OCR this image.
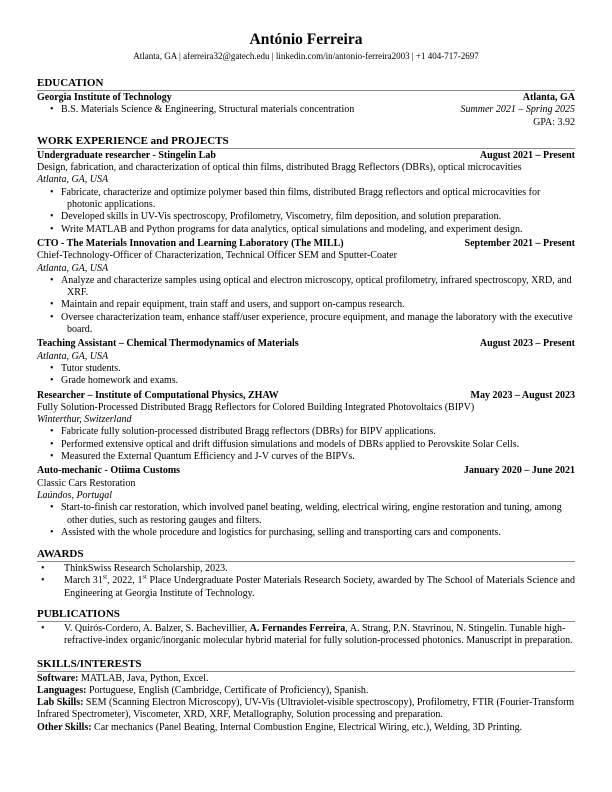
António Ferreira
Atlanta, GA | aferreira32@gatech.edu | linkedin.com/in/antonio-ferreira2003 | +1 404-717-2697
EDUCATION
Georgia Institute of Technology	Atlanta, GA
• B.S. Materials Science & Engineering, Structural materials concentration	Summer 2021 – Spring 2025
GPA: 3.92
WORK EXPERIENCE and PROJECTS
Undergraduate researcher - Stingelin Lab	August 2021 – Present
Design, fabrication, and characterization of optical thin films, distributed Bragg Reflectors (DBRs), optical microcavities
Atlanta, GA, USA
• Fabricate, characterize and optimize polymer based thin films, distributed Bragg reflectors and optical microcavities for photonic applications.
• Developed skills in UV-Vis spectroscopy, Profilometry, Viscometry, film deposition, and solution preparation.
• Write MATLAB and Python programs for data analytics, optical simulations and modeling, and experiment design.
CTO - The Materials Innovation and Learning Laboratory (The MILL)	September 2021 – Present
Chief-Technology-Officer of Characterization, Technical Officer SEM and Sputter-Coater
Atlanta, GA, USA
• Analyze and characterize samples using optical and electron microscopy, optical profilometry, infrared spectroscopy, XRD, and XRF.
• Maintain and repair equipment, train staff and users, and support on-campus research.
• Oversee characterization team, enhance staff/user experience, procure equipment, and manage the laboratory with the executive board.
Teaching Assistant – Chemical Thermodynamics of Materials	August 2023 – Present
Atlanta, GA, USA
• Tutor students.
• Grade homework and exams.
Researcher – Institute of Computational Physics, ZHAW	May 2023 – August 2023
Fully Solution-Processed Distributed Bragg Reflectors for Colored Building Integrated Photovoltaics (BIPV)
Winterthur, Switzerland
• Fabricate fully solution-processed distributed Bragg reflectors (DBRs) for BIPV applications.
• Performed extensive optical and drift diffusion simulations and models of DBRs applied to Perovskite Solar Cells.
• Measured the External Quantum Efficiency and J-V curves of the BIPVs.
Auto-mechanic - Otiima Customs	January 2020 – June 2021
Classic Cars Restoration
Laúndos, Portugal
• Start-to-finish car restoration, which involved panel beating, welding, electrical wiring, engine restoration and tuning, among other duties, such as restoring gauges and filters.
• Assisted with the whole procedure and logistics for purchasing, selling and transporting cars and components.
AWARDS
• ThinkSwiss Research Scholarship, 2023.
• March 31st, 2022, 1st Place Undergraduate Poster Materials Research Society, awarded by The School of Materials Science and Engineering at Georgia Institute of Technology.
PUBLICATIONS
• V. Quirós-Cordero, A. Balzer, S. Bachevillier, A. Fernandes Ferreira, A. Strang, P.N. Stavrinou, N. Stingelin. Tunable high-refractive-index organic/inorganic molecular hybrid material for fully solution-processed photonics. Manuscript in preparation.
SKILLS/INTERESTS
Software: MATLAB, Java, Python, Excel.
Languages: Portuguese, English (Cambridge, Certificate of Proficiency), Spanish.
Lab Skills: SEM (Scanning Electron Microscopy), UV-Vis (Ultraviolet-visible spectroscopy), Profilometry, FTIR (Fourier-Transform Infrared Spectrometer), Viscometer, XRD, XRF, Metallography, Solution processing and preparation.
Other Skills: Car mechanics (Panel Beating, Internal Combustion Engine, Electrical Wiring, etc.), Welding, 3D Printing.
